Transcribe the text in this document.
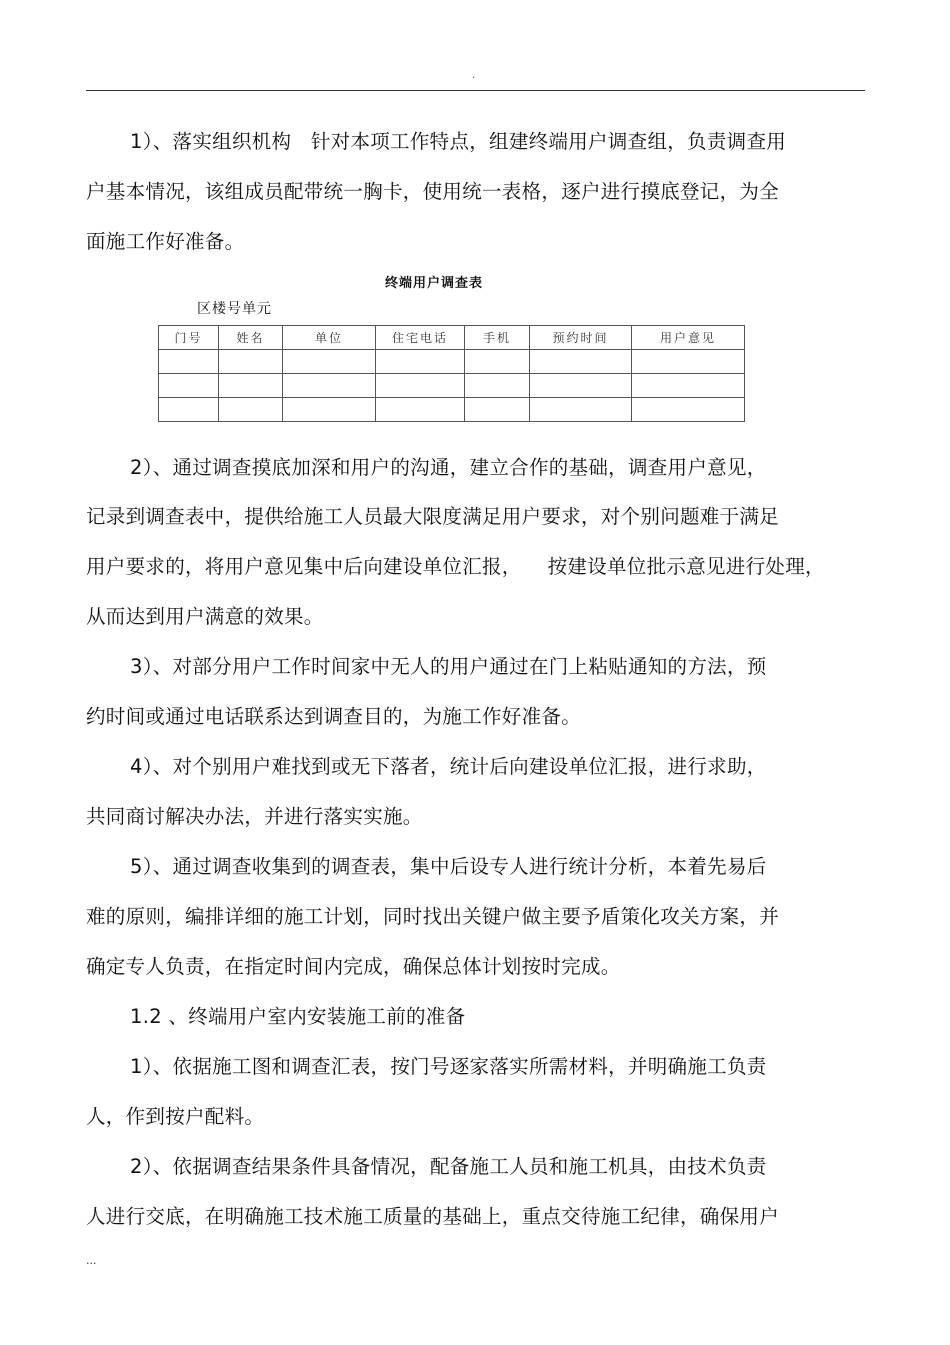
.
1）、落实组织机构   针对本项工作特点，组建终端用户调查组，负责调查用
户基本情况，该组成员配带统一胸卡，使用统一表格，逐户进行摸底登记，为全
面施工作好准备。
终端用户调查表
区楼号单元
门号	姓名	单位	住宅电话	手机	预约时间	用户意见

2）、通过调查摸底加深和用户的沟通，建立合作的基础，调查用户意见，
记录到调查表中，提供给施工人员最大限度满足用户要求，对个别问题难于满足
用户要求的，将用户意见集中后向建设单位汇报，    按建设单位批示意见进行处理，
从而达到用户满意的效果。
3）、对部分用户工作时间家中无人的用户通过在门上粘贴通知的方法，预
约时间或通过电话联系达到调查目的，为施工作好准备。
4）、对个别用户难找到或无下落者，统计后向建设单位汇报，进行求助，
共同商讨解决办法，并进行落实实施。
5）、通过调查收集到的调查表，集中后设专人进行统计分析，本着先易后
难的原则，编排详细的施工计划，同时找出关键户做主要予盾策化攻关方案，并
确定专人负责，在指定时间内完成，确保总体计划按时完成。
1.2 、终端用户室内安装施工前的准备
1）、依据施工图和调查汇表，按门号逐家落实所需材料，并明确施工负责
人，作到按户配料。
2）、依据调查结果条件具备情况，配备施工人员和施工机具，由技术负责
人进行交底，在明确施工技术施工质量的基础上，重点交待施工纪律，确保用户
...
